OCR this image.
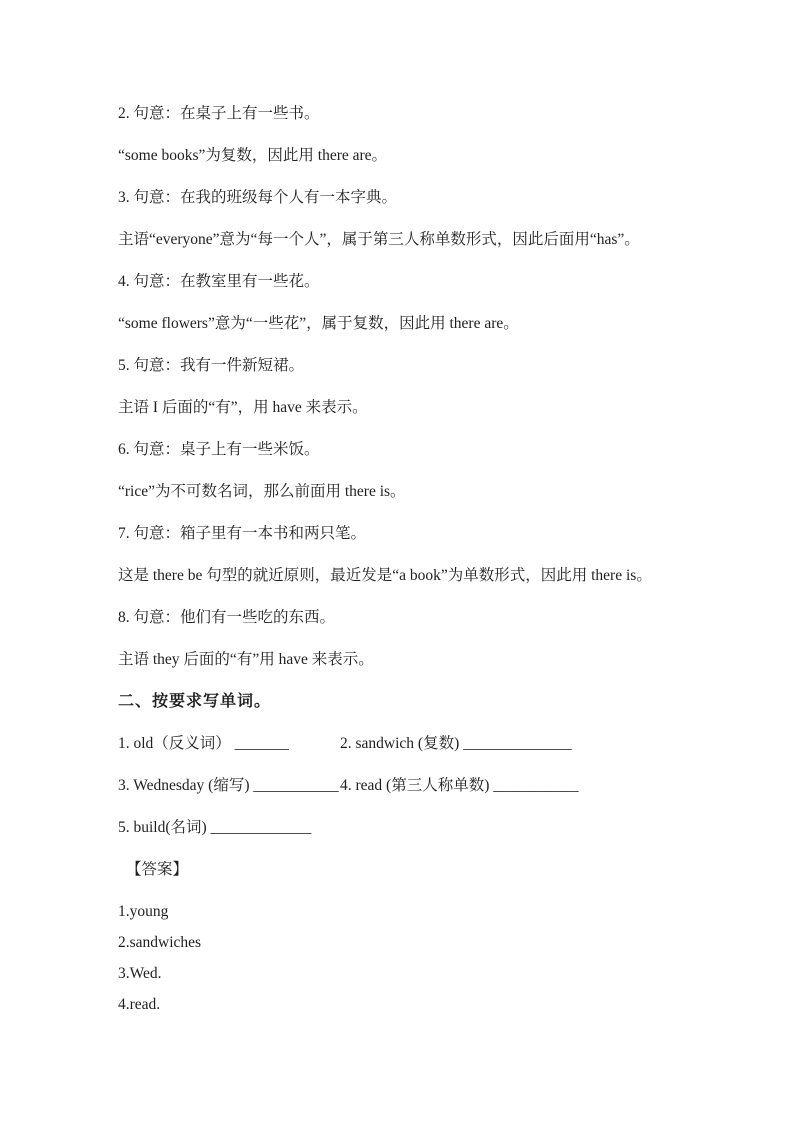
2. 句意：在桌子上有一些书。

“some books”为复数，因此用 there are。

3. 句意：在我的班级每个人有一本字典。

主语“everyone”意为“每一个人”，属于第三人称单数形式，因此后面用“has”。

4. 句意：在教室里有一些花。

“some flowers”意为“一些花”，属于复数，因此用 there are。

5. 句意：我有一件新短裙。

主语 I 后面的“有”，用 have 来表示。

6. 句意：桌子上有一些米饭。

“rice”为不可数名词，那么前面用 there is。

7. 句意：箱子里有一本书和两只笔。

这是 there be 句型的就近原则，最近发是“a book”为单数形式，因此用 there is。

8. 句意：他们有一些吃的东西。

主语 they 后面的“有”用 have 来表示。

二、按要求写单词。
1. old（反义词） _______	2. sandwich (复数) ______________
3. Wednesday (缩写) ___________ 4. read (第三人称单数) ___________
5. build(名词) _____________

【答案】

1.young

2.sandwiches

3.Wed.

4.read.
